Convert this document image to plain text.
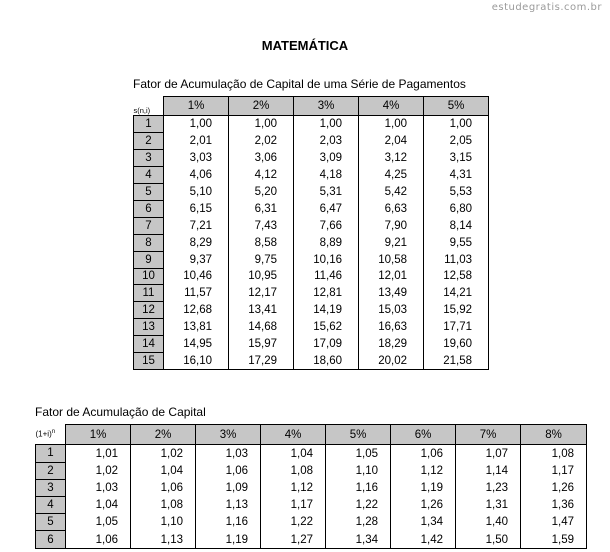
estudegratis.com.br
MATEMÁTICA
Fator de Acumulação de Capital de uma Série de Pagamentos
s(n,i)	1%	2%	3%	4%	5%
1	1,00	1,00	1,00	1,00	1,00
2	2,01	2,02	2,03	2,04	2,05
3	3,03	3,06	3,09	3,12	3,15
4	4,06	4,12	4,18	4,25	4,31
5	5,10	5,20	5,31	5,42	5,53
6	6,15	6,31	6,47	6,63	6,80
7	7,21	7,43	7,66	7,90	8,14
8	8,29	8,58	8,89	9,21	9,55
9	9,37	9,75	10,16	10,58	11,03
10	10,46	10,95	11,46	12,01	12,58
11	11,57	12,17	12,81	13,49	14,21
12	12,68	13,41	14,19	15,03	15,92
13	13,81	14,68	15,62	16,63	17,71
14	14,95	15,97	17,09	18,29	19,60
15	16,10	17,29	18,60	20,02	21,58
Fator de Acumulação de Capital
$(1+i)^n$	1%	2%	3%	4%	5%	6%	7%	8%
1	1,01	1,02	1,03	1,04	1,05	1,06	1,07	1,08
2	1,02	1,04	1,06	1,08	1,10	1,12	1,14	1,17
3	1,03	1,06	1,09	1,12	1,16	1,19	1,23	1,26
4	1,04	1,08	1,13	1,17	1,22	1,26	1,31	1,36
5	1,05	1,10	1,16	1,22	1,28	1,34	1,40	1,47
6	1,06	1,13	1,19	1,27	1,34	1,42	1,50	1,59
